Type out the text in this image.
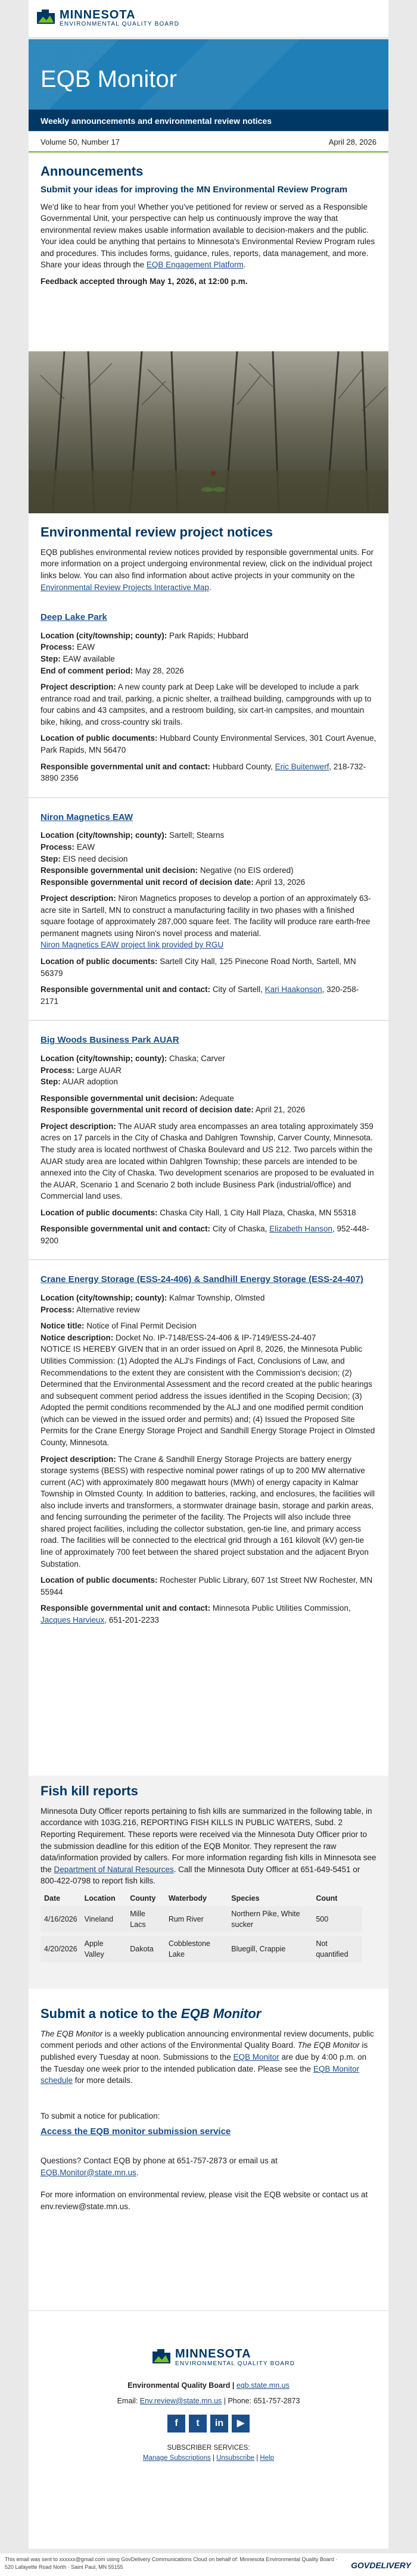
MINNESOTA
ENVIRONMENTAL QUALITY BOARD
EQB Monitor
Weekly announcements and environmental review notices
Volume 50, Number 17	April 28, 2026
Announcements
Submit your ideas for improving the MN Environmental Review Program
We'd like to hear from you! Whether you've petitioned for review or served as a Responsible Governmental Unit, your perspective can help us continuously improve the way that environmental review makes usable information available to decision-makers and the public. Your idea could be anything that pertains to Minnesota's Environmental Review Program rules and procedures. This includes forms, guidance, rules, reports, data management, and more. Share your ideas through the EQB Engagement Platform.
Feedback accepted through May 1, 2026, at 12:00 p.m.
Environmental review project notices
EQB publishes environmental review notices provided by responsible governmental units. For more information on a project undergoing environmental review, click on the individual project links below. You can also find information about active projects in your community on the Environmental Review Projects Interactive Map.
Deep Lake Park
Location (city/township; county): Park Rapids; Hubbard
Process: EAW
Step: EAW available
End of comment period: May 28, 2026
Project description: A new county park at Deep Lake will be developed to include a park entrance road and trail, parking, a picnic shelter, a trailhead building, campgrounds with up to four cabins and 43 campsites, and a restroom building, six cart-in campsites, and mountain bike, hiking, and cross-country ski trails.
Location of public documents: Hubbard County Environmental Services, 301 Court Avenue, Park Rapids, MN 56470
Responsible governmental unit and contact: Hubbard County, Eric Buitenwerf, 218-732-3890 2356
Niron Magnetics EAW
Location (city/township; county): Sartell; Stearns
Process: EAW
Step: EIS need decision
Responsible governmental unit decision: Negative (no EIS ordered)
Responsible governmental unit record of decision date: April 13, 2026
Project description: Niron Magnetics proposes to develop a portion of an approximately 63-acre site in Sartell, MN to construct a manufacturing facility in two phases with a finished square footage of approximately 287,000 square feet. The facility will produce rare earth-free permanent magnets using Niron's novel process and material.
Niron Magnetics EAW project link provided by RGU
Location of public documents: Sartell City Hall, 125 Pinecone Road North, Sartell, MN 56379
Responsible governmental unit and contact: City of Sartell, Kari Haakonson, 320-258-2171
Big Woods Business Park AUAR
Location (city/township; county): Chaska; Carver
Process: Large AUAR
Step: AUAR adoption
Responsible governmental unit decision: Adequate
Responsible governmental unit record of decision date: April 21, 2026
Project description: The AUAR study area encompasses an area totaling approximately 359 acres on 17 parcels in the City of Chaska and Dahlgren Township, Carver County, Minnesota. The study area is located northwest of Chaska Boulevard and US 212. Two parcels within the AUAR study area are located within Dahlgren Township; these parcels are intended to be annexed into the City of Chaska. Two development scenarios are proposed to be evaluated in the AUAR, Scenario 1 and Scenario 2 both include Business Park (industrial/office) and Commercial land uses.
Location of public documents: Chaska City Hall, 1 City Hall Plaza, Chaska, MN 55318
Responsible governmental unit and contact: City of Chaska, Elizabeth Hanson, 952-448-9200
Crane Energy Storage (ESS-24-406) & Sandhill Energy Storage (ESS-24-407)
Location (city/township; county): Kalmar Township, Olmsted
Process: Alternative review
Notice title: Notice of Final Permit Decision
Notice description: Docket No. IP-7148/ESS-24-406 & IP-7149/ESS-24-407
NOTICE IS HEREBY GIVEN that in an order issued on April 8, 2026, the Minnesota Public Utilities Commission: (1) Adopted the ALJ's Findings of Fact, Conclusions of Law, and Recommendations to the extent they are consistent with the Commission's decision; (2) Determined that the Environmental Assessment and the record created at the public hearings and subsequent comment period address the issues identified in the Scoping Decision; (3) Adopted the permit conditions recommended by the ALJ and one modified permit condition (which can be viewed in the issued order and permits) and; (4) Issued the Proposed Site Permits for the Crane Energy Storage Project and Sandhill Energy Storage Project in Olmsted County, Minnesota.
Project description: The Crane & Sandhill Energy Storage Projects are battery energy storage systems (BESS) with respective nominal power ratings of up to 200 MW alternative current (AC) with approximately 800 megawatt hours (MWh) of energy capacity in Kalmar Township in Olmsted County. In addition to batteries, racking, and enclosures, the facilities will also include inverts and transformers, a stormwater drainage basin, storage and parkin areas, and fencing surrounding the perimeter of the facility. The Projects will also include three shared project facilities, including the collector substation, gen-tie line, and primary access road. The facilities will be connected to the electrical grid through a 161 kilovolt (kV) gen-tie line of approximately 700 feet between the shared project substation and the adjacent Bryon Substation.
Location of public documents: Rochester Public Library, 607 1st Street NW Rochester, MN 55944
Responsible governmental unit and contact: Minnesota Public Utilities Commission, Jacques Harvieux, 651-201-2233
Fish kill reports
Minnesota Duty Officer reports pertaining to fish kills are summarized in the following table, in accordance with 103G.216, REPORTING FISH KILLS IN PUBLIC WATERS, Subd. 2 Reporting Requirement. These reports were received via the Minnesota Duty Officer prior to the submission deadline for this edition of the EQB Monitor. They represent the raw data/information provided by callers. For more information regarding fish kills in Minnesota see the Department of Natural Resources. Call the Minnesota Duty Officer at 651-649-5451 or 800-422-0798 to report fish kills.
Date	Location	County	Waterbody	Species	Count
4/16/2026	Vineland	Mille Lacs	Rum River	Northern Pike, White sucker	500

4/20/2026	Apple Valley	Dakota	Cobblestone Lake	Bluegill, Crappie	Not quantified
Submit a notice to the EQB Monitor
The EQB Monitor is a weekly publication announcing environmental review documents, public comment periods and other actions of the Environmental Quality Board. The EQB Monitor is published every Tuesday at noon. Submissions to the EQB Monitor are due by 4:00 p.m. on the Tuesday one week prior to the intended publication date. Please see the EQB Monitor schedule for more details.
To submit a notice for publication:
Access the EQB monitor submission service
Questions? Contact EQB by phone at 651-757-2873 or email us at EQB.Monitor@state.mn.us.
For more information on environmental review, please visit the EQB website or contact us at env.review@state.mn.us.
MINNESOTA
ENVIRONMENTAL QUALITY BOARD
Environmental Quality Board | eqb.state.mn.us
Email: Env.review@state.mn.us | Phone: 651-757-2873
f t in ▶
SUBSCRIBER SERVICES:
Manage Subscriptions | Unsubscribe | Help
This email was sent to xxxxxx@gmail.com using GovDelivery Communications Cloud on behalf of: Minnesota Environmental Quality Board · 520 Lafayette Road North · Saint Paul, MN 55155	GOVDELIVERY
